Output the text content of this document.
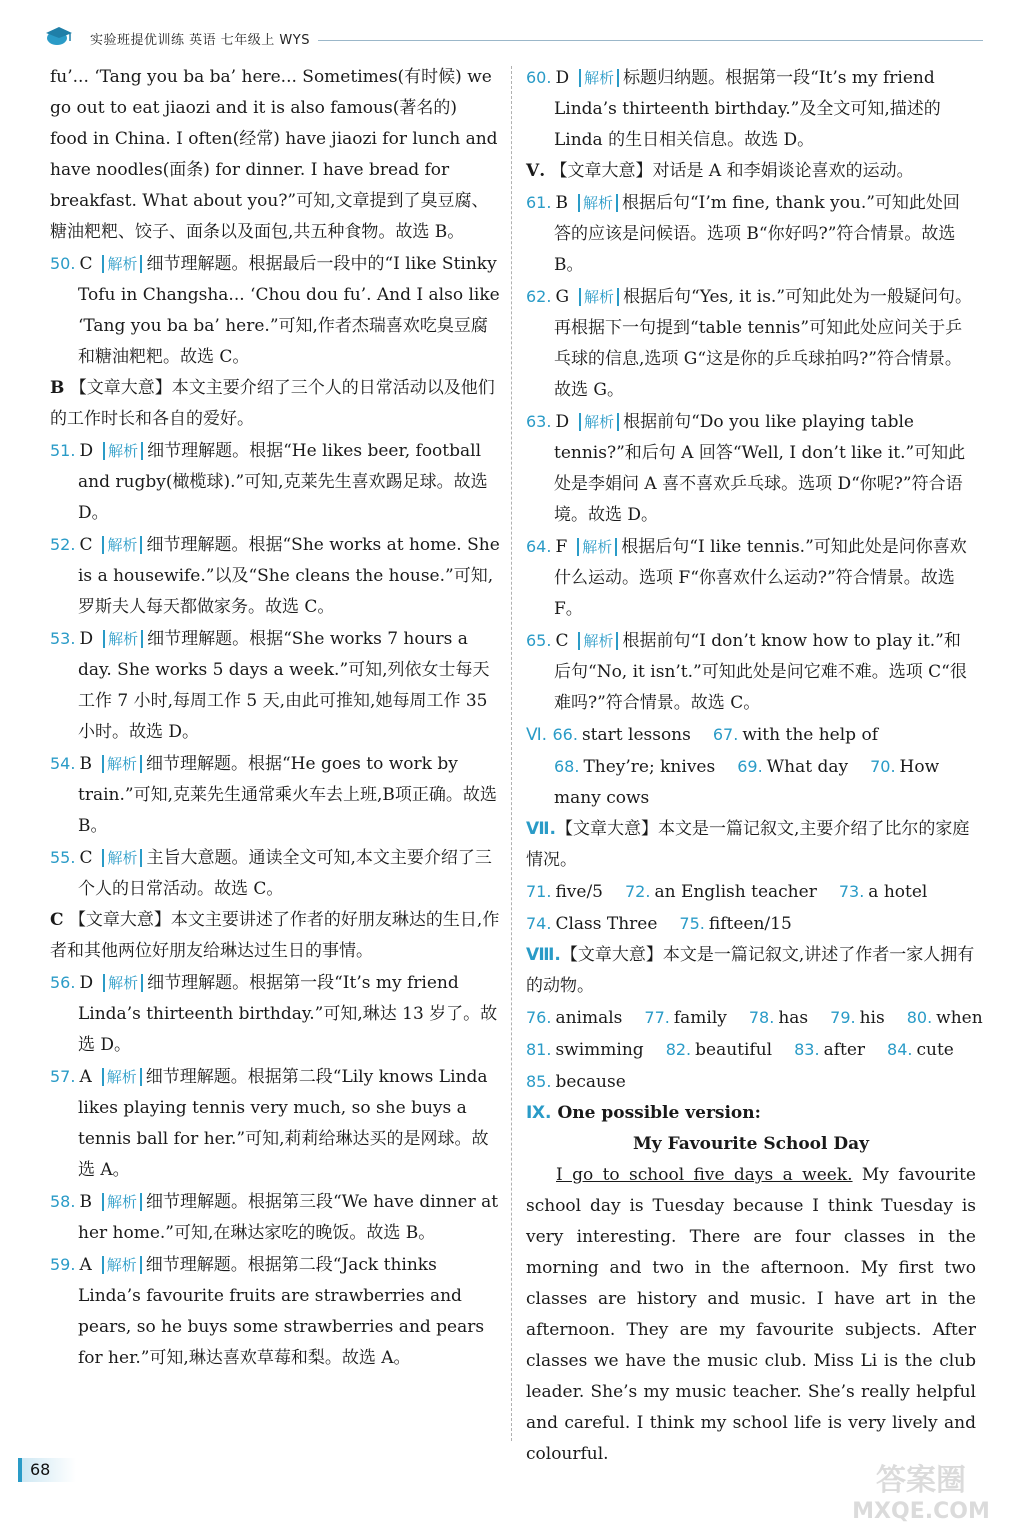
实验班提优训练 英语 七年级上 WYS

fu’... ‘Tang you ba ba’ here... Sometimes(有时候) we go out to eat jiaozi and it is also famous(著名的) food in China. I often(经常) have jiaozi for lunch and have noodles(面条) for dinner. I have bread for breakfast. What about you?”可知,文章提到了臭豆腐、糖油粑粑、饺子、面条以及面包,共五种食物。故选 B。

50. C 解析 细节理解题。根据最后一段中的“I like Stinky Tofu in Changsha... ‘Chou dou fu’. And I also like ‘Tang you ba ba’ here.”可知,作者杰瑞喜欢吃臭豆腐和糖油粑粑。故选 C。

B 【文章大意】本文主要介绍了三个人的日常活动以及他们的工作时长和各自的爱好。

51. D 解析 细节理解题。根据“He likes beer, football and rugby(橄榄球).”可知,克莱先生喜欢踢足球。故选 D。

52. C 解析 细节理解题。根据“She works at home. She is a housewife.”以及“She cleans the house.”可知,罗斯夫人每天都做家务。故选 C。

53. D 解析 细节理解题。根据“She works 7 hours a day. She works 5 days a week.”可知,列依女士每天工作 7 小时,每周工作 5 天,由此可推知,她每周工作 35 小时。故选 D。

54. B 解析 细节理解题。根据“He goes to work by train.”可知,克莱先生通常乘火车去上班,B项正确。故选 B。

55. C 解析 主旨大意题。通读全文可知,本文主要介绍了三个人的日常活动。故选 C。

C 【文章大意】本文主要讲述了作者的好朋友琳达的生日,作者和其他两位好朋友给琳达过生日的事情。

56. D 解析 细节理解题。根据第一段“It’s my friend Linda’s thirteenth birthday.”可知,琳达 13 岁了。故选 D。

57. A 解析 细节理解题。根据第二段“Lily knows Linda likes playing tennis very much, so she buys a tennis ball for her.”可知,莉莉给琳达买的是网球。故选 A。

58. B 解析 细节理解题。根据第三段“We have dinner at her home.”可知,在琳达家吃的晚饭。故选 B。

59. A 解析 细节理解题。根据第二段“Jack thinks Linda’s favourite fruits are strawberries and pears, so he buys some strawberries and pears for her.”可知,琳达喜欢草莓和梨。故选 A。

60. D 解析 标题归纳题。根据第一段“It’s my friend Linda’s thirteenth birthday.”及全文可知,描述的 Linda 的生日相关信息。故选 D。

Ⅴ. 【文章大意】对话是 A 和李娟谈论喜欢的运动。

61. B 解析 根据后句“I’m fine, thank you.”可知此处回答的应该是问候语。选项 B“你好吗?”符合情景。故选 B。

62. G 解析 根据后句“Yes, it is.”可知此处为一般疑问句。再根据下一句提到“table tennis”可知此处应问关于乒乓球的信息,选项 G“这是你的乒乓球拍吗?”符合情景。故选 G。

63. D 解析 根据前句“Do you like playing table tennis?”和后句 A 回答“Well, I don’t like it.”可知此处是李娟问 A 喜不喜欢乒乓球。选项 D“你呢?”符合语境。故选 D。

64. F 解析 根据后句“I like tennis.”可知此处是问你喜欢什么运动。选项 F“你喜欢什么运动?”符合情景。故选 F。

65. C 解析 根据前句“I don’t know how to play it.”和后句“No, it isn’t.”可知此处是问它难不难。选项 C“很难吗?”符合情景。故选 C。

Ⅵ. 66. start lessons 67. with the help of
68. They’re; knives 69. What day 70. How many cows

Ⅶ.【文章大意】本文是一篇记叙文,主要介绍了比尔的家庭情况。

71. five/5 72. an English teacher 73. a hotel

74. Class Three 75. fifteen/15

Ⅷ.【文章大意】本文是一篇记叙文,讲述了作者一家人拥有的动物。

76. animals 77. family 78. has 79. his 80. when

81. swimming 82. beautiful 83. after 84. cute

85. because

Ⅸ. One possible version:

My Favourite School Day

I go to school five days a week. My favourite school day is Tuesday because I think Tuesday is very interesting. There are four classes in the morning and two in the afternoon. My first two classes are history and music. I have art in the afternoon. They are my favourite subjects. After classes we have the music club. Miss Li is the club leader. She’s my music teacher. She’s really helpful and careful. I think my school life is very lively and colourful.

68	答案圈
MXQE.COM
